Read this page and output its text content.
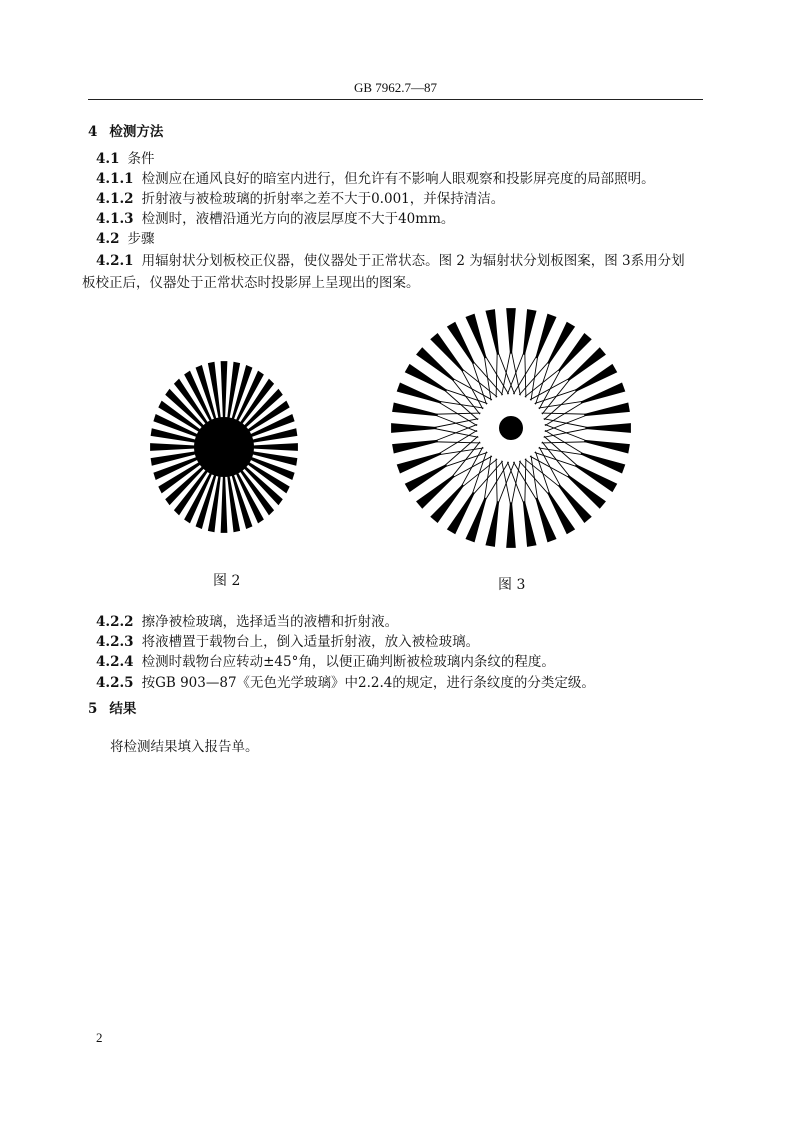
GB 7962.7—87
4 检测方法
4.1 条件
4.1.1 检测应在通风良好的暗室内进行，但允许有不影响人眼观察和投影屏亮度的局部照明。
4.1.2 折射液与被检玻璃的折射率之差不大于0.001，并保持清洁。
4.1.3 检测时，液槽沿通光方向的液层厚度不大于40mm。
4.2 步骤
4.2.1 用辐射状分划板校正仪器，使仪器处于正常状态。图 2 为辐射状分划板图案，图 3系用分划
板校正后，仪器处于正常状态时投影屏上呈现出的图案。
图 2	图 3
4.2.2 擦净被检玻璃，选择适当的液槽和折射液。
4.2.3 将液槽置于载物台上，倒入适量折射液，放入被检玻璃。
4.2.4 检测时载物台应转动±45°角，以便正确判断被检玻璃内条纹的程度。
4.2.5 按GB 903—87《无色光学玻璃》中2.2.4的规定，进行条纹度的分类定级。
5 结果
将检测结果填入报告单。
2
